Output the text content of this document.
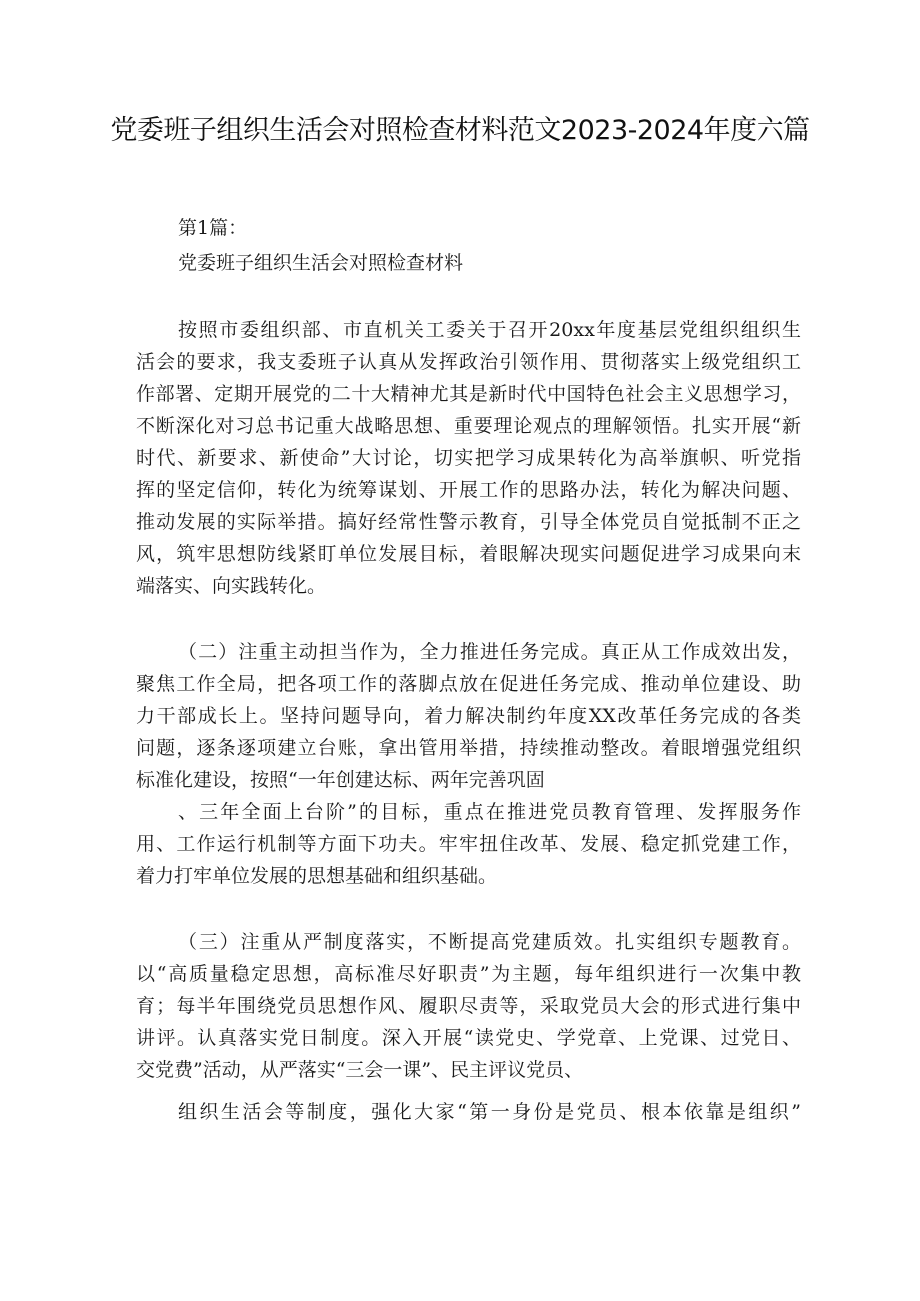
党委班子组织生活会对照检查材料范文2023-2024年度六篇
第1篇：
党委班子组织生活会对照检查材料
按照市委组织部、市直机关工委关于召开20xx年度基层党组织组织生
活会的要求，我支委班子认真从发挥政治引领作用、贯彻落实上级党组织工
作部署、定期开展党的二十大精神尤其是新时代中国特色社会主义思想学习，
不断深化对习总书记重大战略思想、重要理论观点的理解领悟。扎实开展“新
时代、新要求、新使命”大讨论，切实把学习成果转化为高举旗帜、听党指
挥的坚定信仰，转化为统筹谋划、开展工作的思路办法，转化为解决问题、
推动发展的实际举措。搞好经常性警示教育，引导全体党员自觉抵制不正之
风，筑牢思想防线紧盯单位发展目标，着眼解决现实问题促进学习成果向末
端落实、向实践转化。
（二）注重主动担当作为，全力推进任务完成。真正从工作成效出发，
聚焦工作全局，把各项工作的落脚点放在促进任务完成、推动单位建设、助
力干部成长上。坚持问题导向，着力解决制约年度XX改革任务完成的各类
问题，逐条逐项建立台账，拿出管用举措，持续推动整改。着眼增强党组织
标准化建设，按照“一年创建达标、两年完善巩固
、三年全面上台阶”的目标，重点在推进党员教育管理、发挥服务作
用、工作运行机制等方面下功夫。牢牢扭住改革、发展、稳定抓党建工作，
着力打牢单位发展的思想基础和组织基础。
（三）注重从严制度落实，不断提高党建质效。扎实组织专题教育。
以“高质量稳定思想，高标准尽好职责”为主题，每年组织进行一次集中教
育；每半年围绕党员思想作风、履职尽责等，采取党员大会的形式进行集中
讲评。认真落实党日制度。深入开展“读党史、学党章、上党课、过党日、
交党费”活动，从严落实“三会一课”、民主评议党员、
组织生活会等制度，强化大家“第一身份是党员、根本依靠是组织”
